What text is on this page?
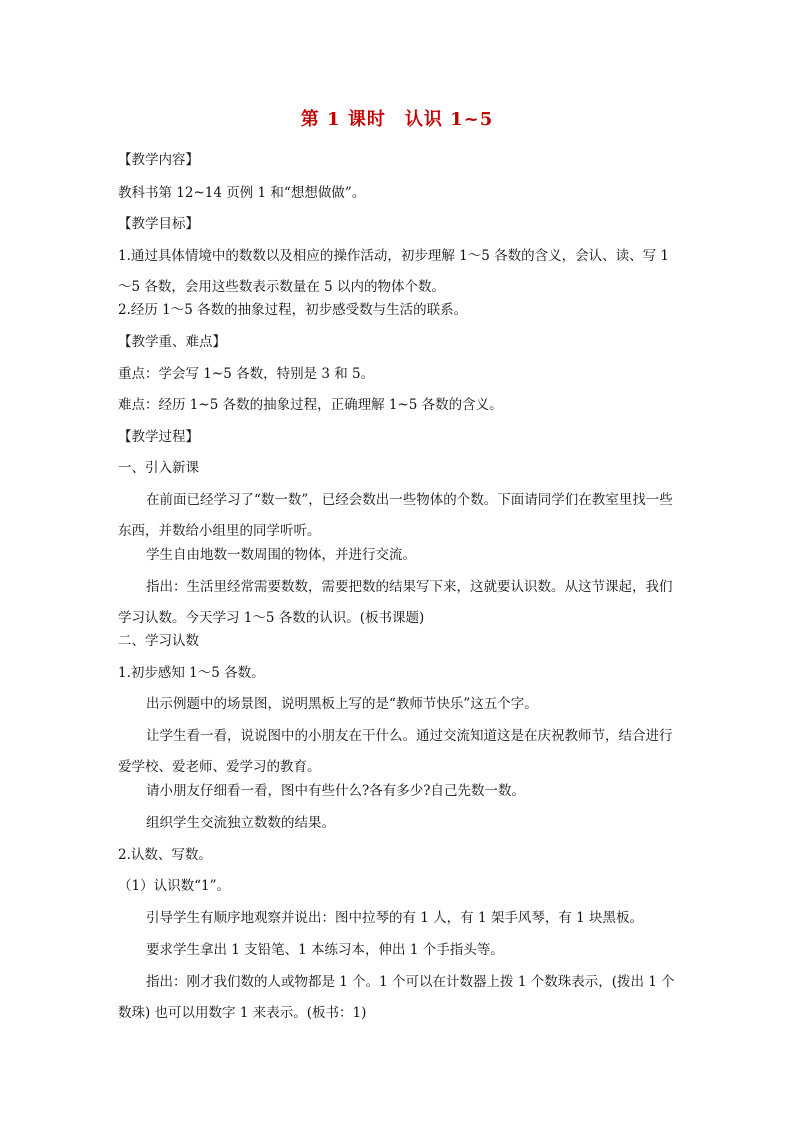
第 1 课时　认识 1~5
【教学内容】
教科书第 12~14 页例 1 和“想想做做”。
【教学目标】
1.通过具体情境中的数数以及相应的操作活动，初步理解 1～5 各数的含义，会认、读、写 1～5 各数，会用这些数表示数量在 5 以内的物体个数。
2.经历 1～5 各数的抽象过程，初步感受数与生活的联系。
【教学重、难点】
重点：学会写 1~5 各数，特别是 3 和 5。
难点：经历 1~5 各数的抽象过程，正确理解 1~5 各数的含义。
【教学过程】
一、引入新课
在前面已经学习了“数一数”，已经会数出一些物体的个数。下面请同学们在教室里找一些东西，并数给小组里的同学听听。
学生自由地数一数周围的物体，并进行交流。
指出：生活里经常需要数数，需要把数的结果写下来，这就要认识数。从这节课起，我们学习认数。今天学习 1～5 各数的认识。(板书课题)
二、学习认数
1.初步感知 1～5 各数。
出示例题中的场景图，说明黑板上写的是“教师节快乐”这五个字。
让学生看一看，说说图中的小朋友在干什么。通过交流知道这是在庆祝教师节，结合进行爱学校、爱老师、爱学习的教育。
请小朋友仔细看一看，图中有些什么?各有多少?自己先数一数。
组织学生交流独立数数的结果。
2.认数、写数。
（1）认识数“1”。
引导学生有顺序地观察并说出：图中拉琴的有 1 人，有 1 架手风琴，有 1 块黑板。
要求学生拿出 1 支铅笔、1 本练习本，伸出 1 个手指头等。
指出：刚才我们数的人或物都是 1 个。1 个可以在计数器上拨 1 个数珠表示，(拨出 1 个数珠) 也可以用数字 1 来表示。(板书：1)
